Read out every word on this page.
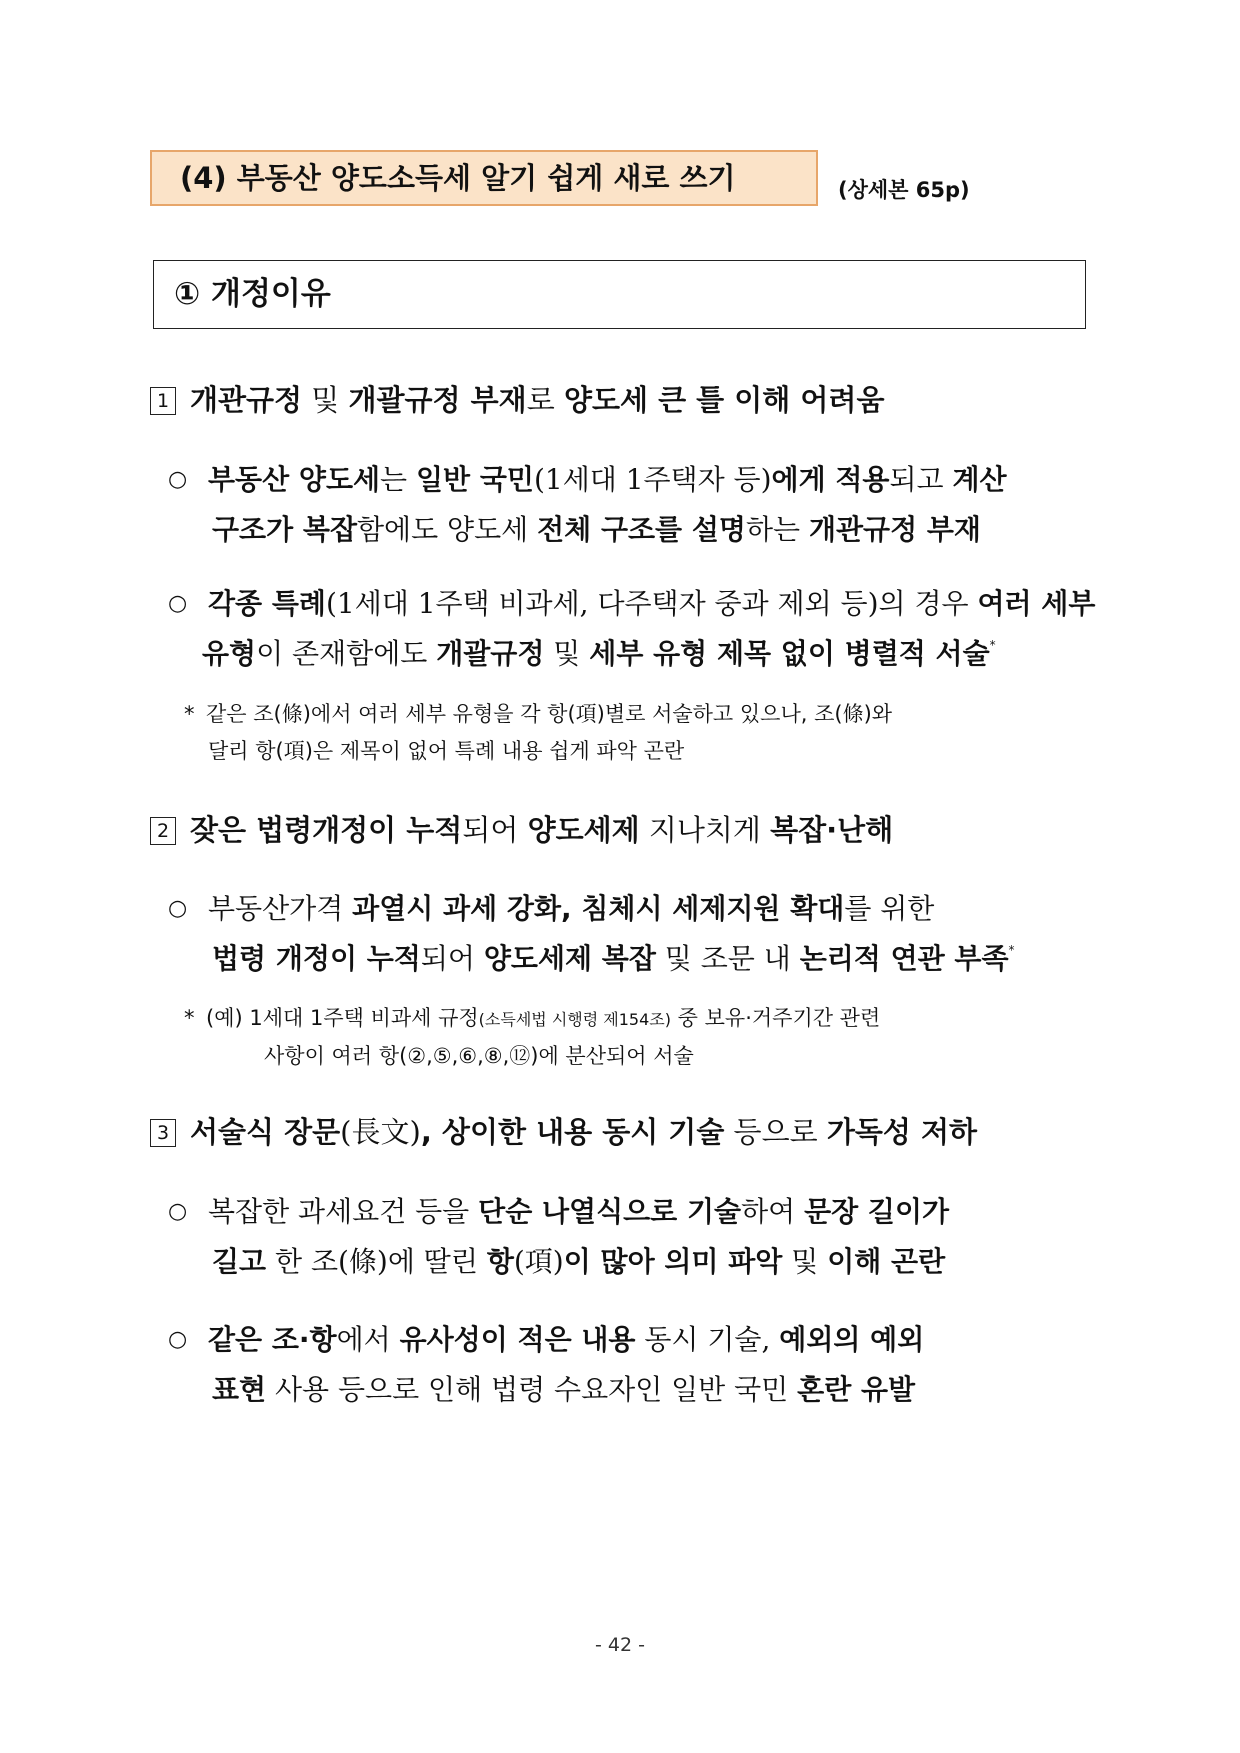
(4) 부동산 양도소득세 알기 쉽게 새로 쓰기	(상세본 65p)
① 개정이유
1 개관규정 및 개괄규정 부재로 양도세 큰 틀 이해 어려움
○ 부동산 양도세는 일반 국민(1세대 1주택자 등)에게 적용되고 계산
구조가 복잡함에도 양도세 전체 구조를 설명하는 개관규정 부재
○ 각종 특례(1세대 1주택 비과세, 다주택자 중과 제외 등)의 경우 여러 세부
유형이 존재함에도 개괄규정 및 세부 유형 제목 없이 병렬적 서술*
* 같은 조(條)에서 여러 세부 유형을 각 항(項)별로 서술하고 있으나, 조(條)와
달리 항(項)은 제목이 없어 특례 내용 쉽게 파악 곤란
2 잦은 법령개정이 누적되어 양도세제 지나치게 복잡·난해
○ 부동산가격 과열시 과세 강화, 침체시 세제지원 확대를 위한
법령 개정이 누적되어 양도세제 복잡 및 조문 내 논리적 연관 부족*
* (예) 1세대 1주택 비과세 규정(소득세법 시행령 제154조) 중 보유·거주기간 관련
사항이 여러 항(②,⑤,⑥,⑧,⑫)에 분산되어 서술
3 서술식 장문(長文), 상이한 내용 동시 기술 등으로 가독성 저하
○ 복잡한 과세요건 등을 단순 나열식으로 기술하여 문장 길이가
길고 한 조(條)에 딸린 항(項)이 많아 의미 파악 및 이해 곤란
○ 같은 조·항에서 유사성이 적은 내용 동시 기술, 예외의 예외
표현 사용 등으로 인해 법령 수요자인 일반 국민 혼란 유발
- 42 -
